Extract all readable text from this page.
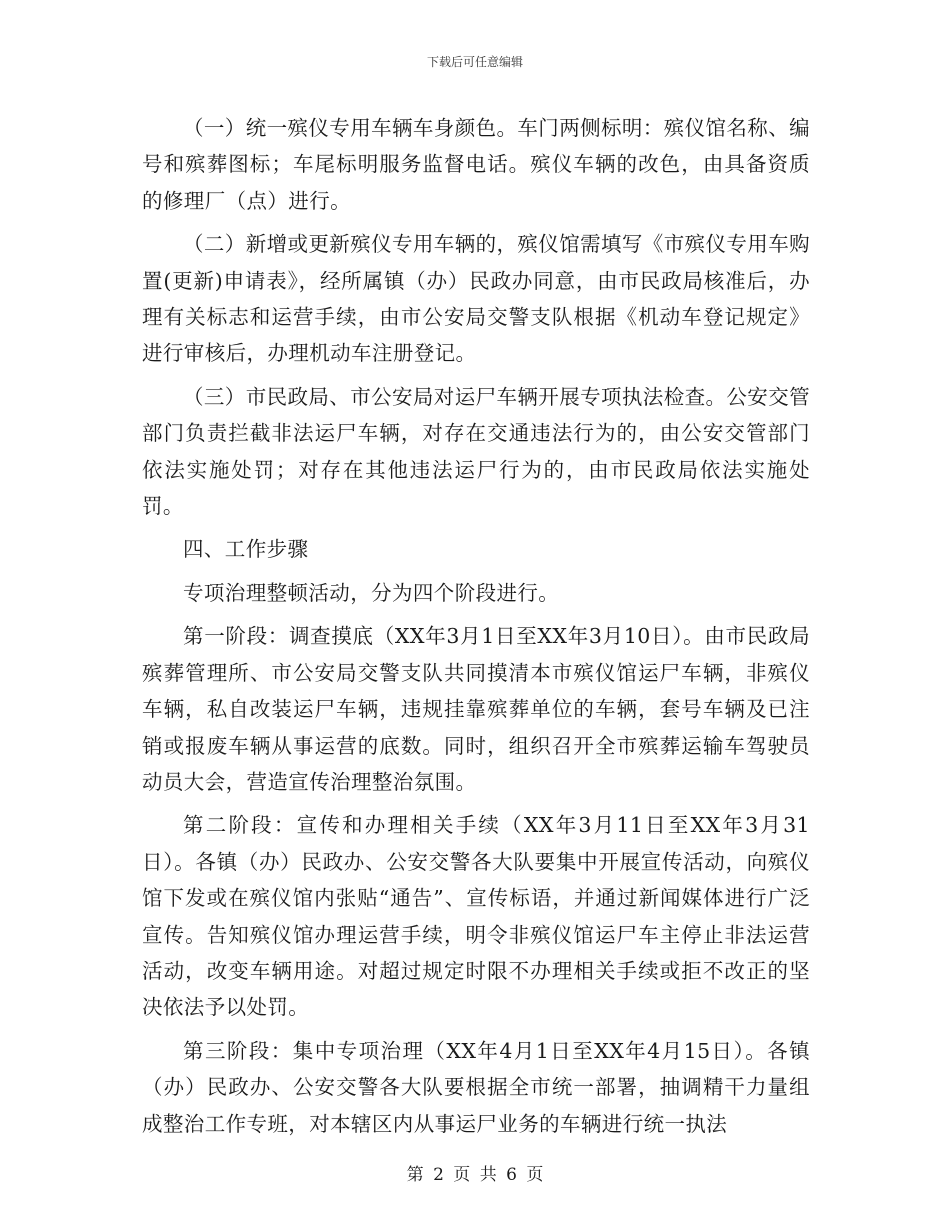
下载后可任意编辑

（一）统一殡仪专用车辆车身颜色。车门两侧标明：殡仪馆名称、编号和殡葬图标；车尾标明服务监督电话。殡仪车辆的改色，由具备资质的修理厂（点）进行。

（二）新增或更新殡仪专用车辆的，殡仪馆需填写《市殡仪专用车购置(更新)申请表》，经所属镇（办）民政办同意，由市民政局核准后，办理有关标志和运营手续，由市公安局交警支队根据《机动车登记规定》进行审核后，办理机动车注册登记。

（三）市民政局、市公安局对运尸车辆开展专项执法检查。公安交管部门负责拦截非法运尸车辆，对存在交通违法行为的，由公安交管部门依法实施处罚；对存在其他违法运尸行为的，由市民政局依法实施处罚。

四、工作步骤

专项治理整顿活动，分为四个阶段进行。

第一阶段：调查摸底（XX年3月1日至XX年3月10日）。由市民政局殡葬管理所、市公安局交警支队共同摸清本市殡仪馆运尸车辆，非殡仪车辆，私自改装运尸车辆，违规挂靠殡葬单位的车辆，套号车辆及已注销或报废车辆从事运营的底数。同时，组织召开全市殡葬运输车驾驶员动员大会，营造宣传治理整治氛围。

第二阶段：宣传和办理相关手续（XX年3月11日至XX年3月31日）。各镇（办）民政办、公安交警各大队要集中开展宣传活动，向殡仪馆下发或在殡仪馆内张贴“通告”、宣传标语，并通过新闻媒体进行广泛宣传。告知殡仪馆办理运营手续，明令非殡仪馆运尸车主停止非法运营活动，改变车辆用途。对超过规定时限不办理相关手续或拒不改正的坚决依法予以处罚。

第三阶段：集中专项治理（XX年4月1日至XX年4月15日）。各镇（办）民政办、公安交警各大队要根据全市统一部署，抽调精干力量组成整治工作专班，对本辖区内从事运尸业务的车辆进行统一执法

第 2 页 共 6 页
